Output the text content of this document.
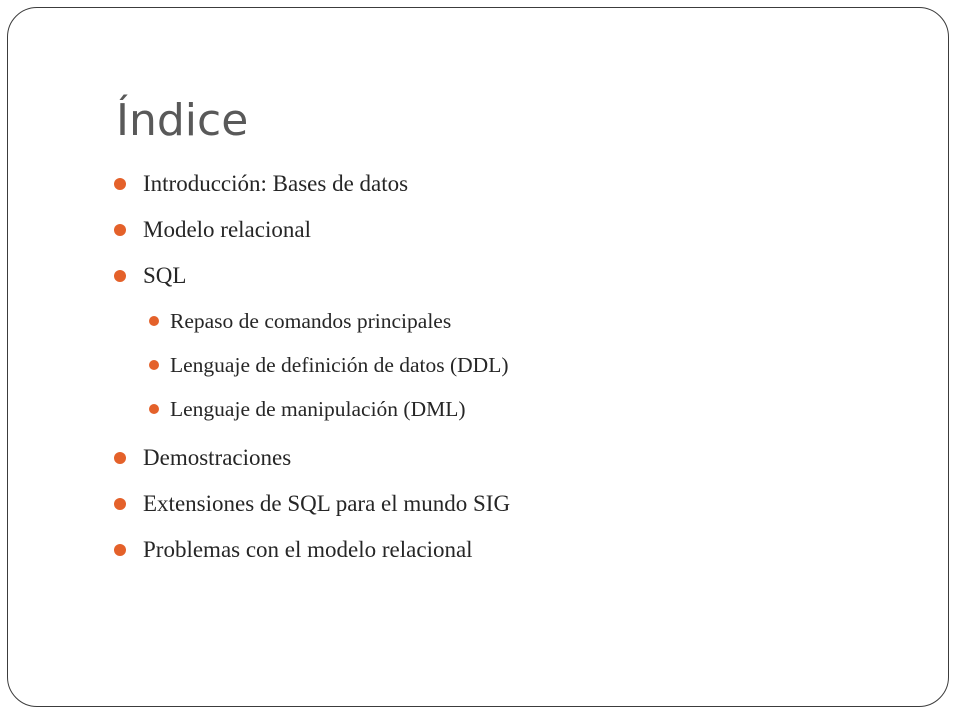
Índice
Introducción: Bases de datos
Modelo relacional
SQL
Repaso de comandos principales
Lenguaje de definición de datos (DDL)
Lenguaje de manipulación (DML)
Demostraciones
Extensiones de SQL para el mundo SIG
Problemas con el modelo relacional
